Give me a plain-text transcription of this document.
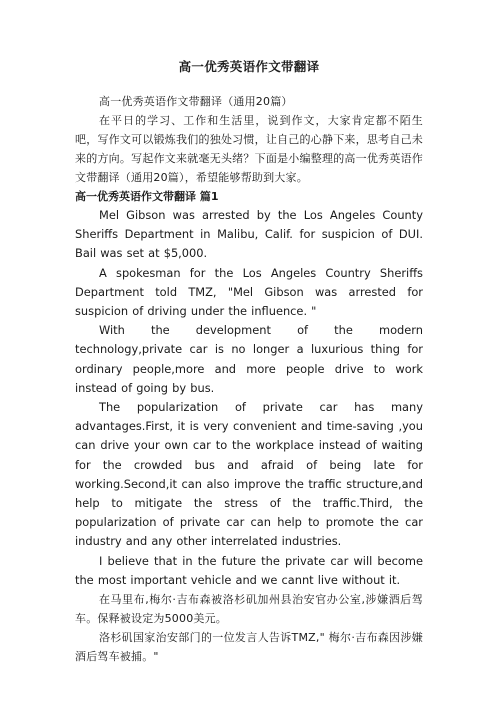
高一优秀英语作文带翻译

高一优秀英语作文带翻译（通用20篇）

在平日的学习、工作和生活里，说到作文，大家肯定都不陌生吧，写作文可以锻炼我们的独处习惯，让自己的心静下来，思考自己未来的方向。写起作文来就毫无头绪？下面是小编整理的高一优秀英语作文带翻译（通用20篇），希望能够帮助到大家。

高一优秀英语作文带翻译 篇1

Mel Gibson was arrested by the Los Angeles County Sheriffs Department in Malibu, Calif. for suspicion of DUI. Bail was set at $5,000.

A spokesman for the Los Angeles Country Sheriffs Department told TMZ, "Mel Gibson was arrested for suspicion of driving under the influence. "

With the development of the modern technology,private car is no longer a luxurious thing for ordinary people,more and more people drive to work instead of going by bus.

The popularization of private car has many advantages.First, it is very convenient and time-saving ,you can drive your own car to the workplace instead of waiting for the crowded bus and afraid of being late for working.Second,it can also improve the traffic structure,and help to mitigate the stress of the traffic.Third, the popularization of private car can help to promote the car industry and any other interrelated industries.

I believe that in the future the private car will become the most important vehicle and we cannt live without it.

在马里布,梅尔·吉布森被洛杉矶加州县治安官办公室,涉嫌酒后驾车。保释被设定为5000美元。

洛杉矶国家治安部门的一位发言人告诉TMZ," 梅尔·吉布森因涉嫌酒后驾车被捕。"
